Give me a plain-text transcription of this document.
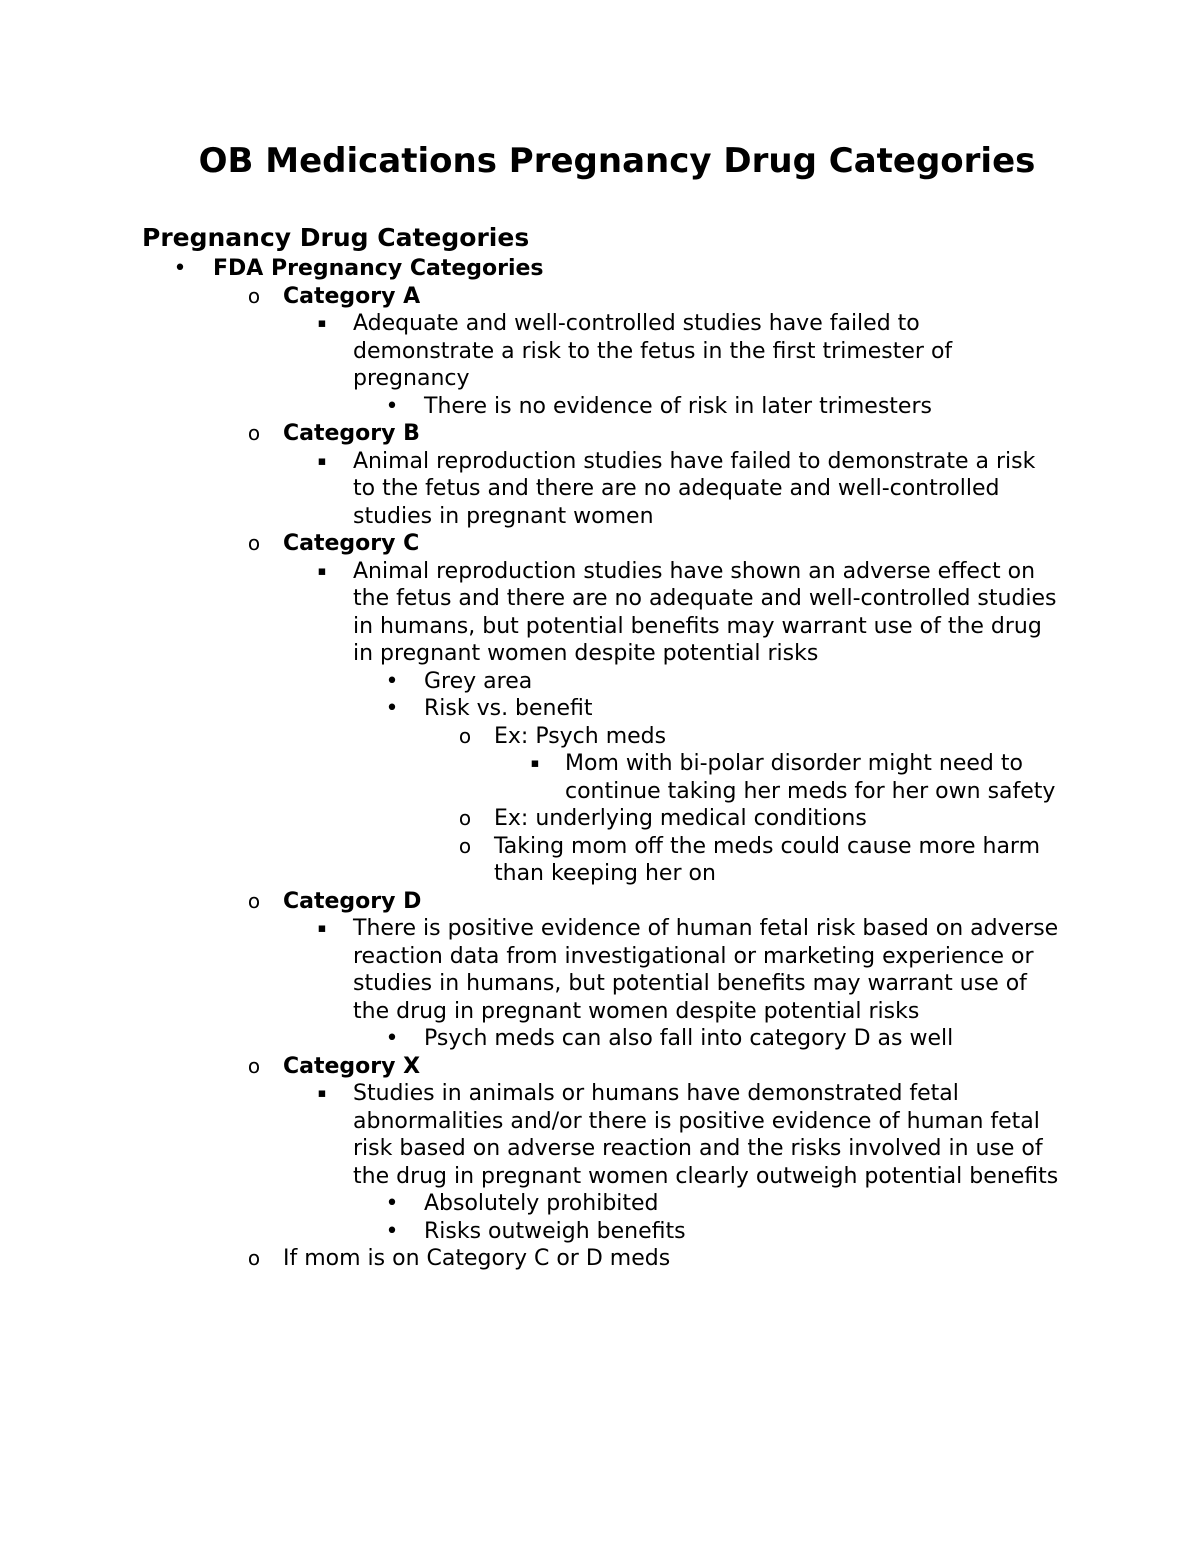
OB Medications Pregnancy Drug Categories
Pregnancy Drug Categories
•	FDA Pregnancy Categories
o	Category A
▪	Adequate and well-controlled studies have failed to demonstrate a risk to the fetus in the first trimester of pregnancy
•	There is no evidence of risk in later trimesters
o	Category B
▪	Animal reproduction studies have failed to demonstrate a risk to the fetus and there are no adequate and well-controlled studies in pregnant women
o	Category C
▪	Animal reproduction studies have shown an adverse effect on the fetus and there are no adequate and well-controlled studies in humans, but potential benefits may warrant use of the drug in pregnant women despite potential risks
•	Grey area
•	Risk vs. benefit
o	Ex: Psych meds
▪	Mom with bi-polar disorder might need to continue taking her meds for her own safety
o	Ex: underlying medical conditions
o	Taking mom off the meds could cause more harm than keeping her on
o	Category D
▪	There is positive evidence of human fetal risk based on adverse reaction data from investigational or marketing experience or studies in humans, but potential benefits may warrant use of the drug in pregnant women despite potential risks
•	Psych meds can also fall into category D as well
o	Category X
▪	Studies in animals or humans have demonstrated fetal abnormalities and/or there is positive evidence of human fetal risk based on adverse reaction and the risks involved in use of the drug in pregnant women clearly outweigh potential benefits
•	Absolutely prohibited
•	Risks outweigh benefits
o	If mom is on Category C or D meds
